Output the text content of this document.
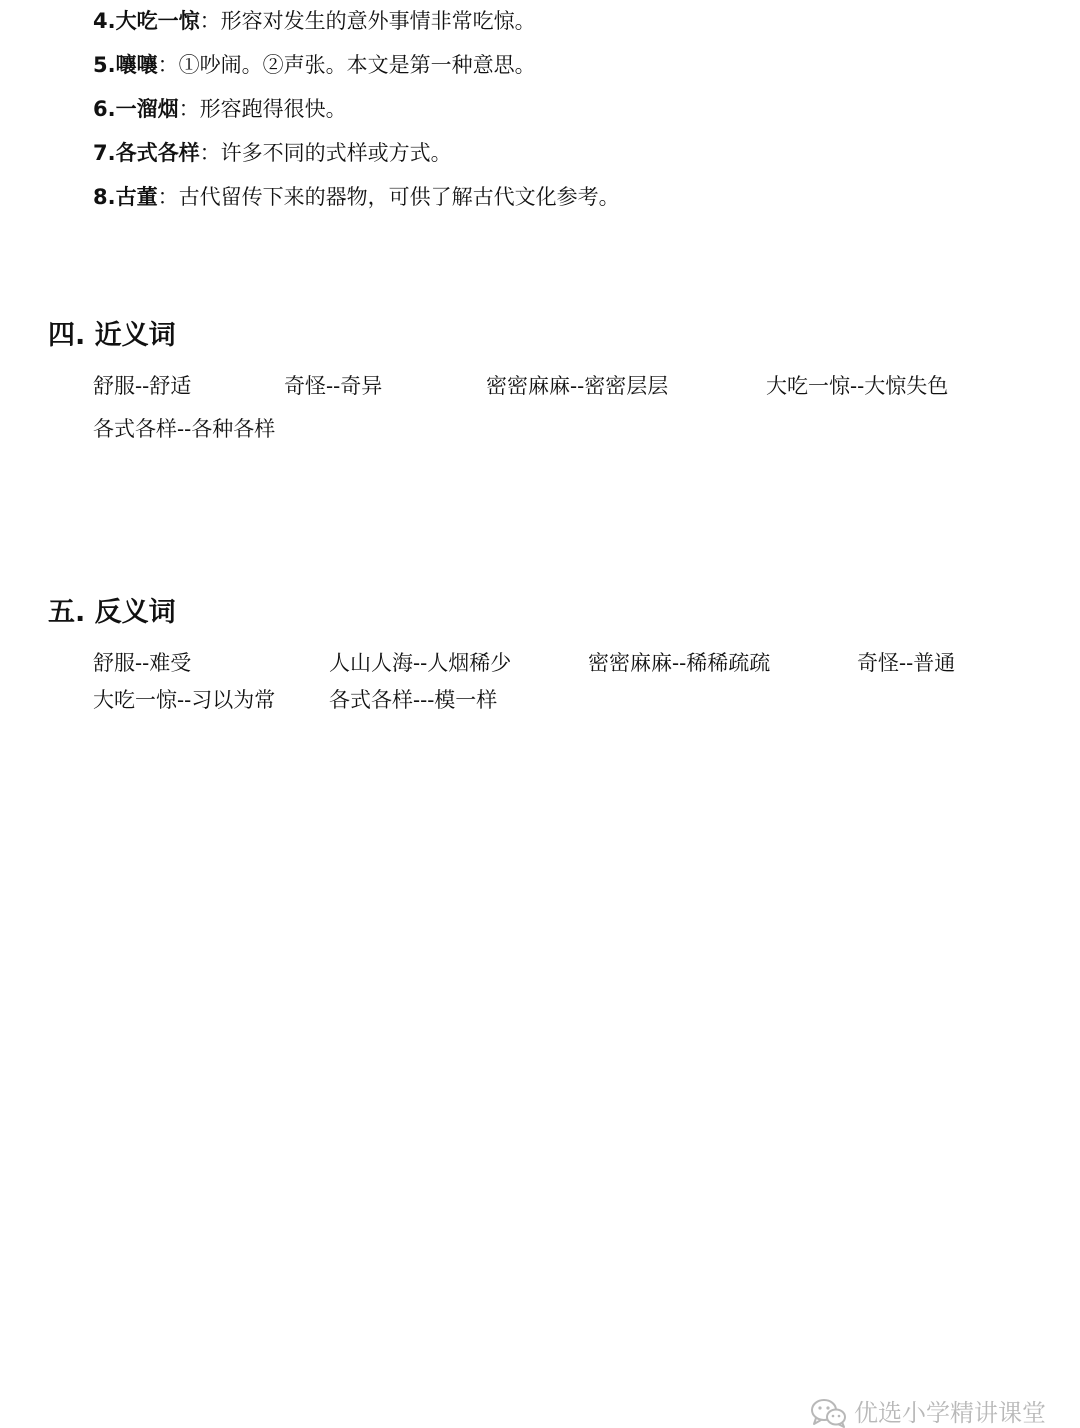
4.大吃一惊：形容对发生的意外事情非常吃惊。
5.嚷嚷：①吵闹。②声张。本文是第一种意思。
6.一溜烟：形容跑得很快。
7.各式各样：许多不同的式样或方式。
8.古董：古代留传下来的器物，可供了解古代文化参考。
四. 近义词
舒服--舒适	奇怪--奇异	密密麻麻--密密层层	大吃一惊--大惊失色
各式各样--各种各样
五. 反义词
舒服--难受	人山人海--人烟稀少	密密麻麻--稀稀疏疏	奇怪--普通
大吃一惊--习以为常	各式各样---模一样
优选小学精讲课堂
